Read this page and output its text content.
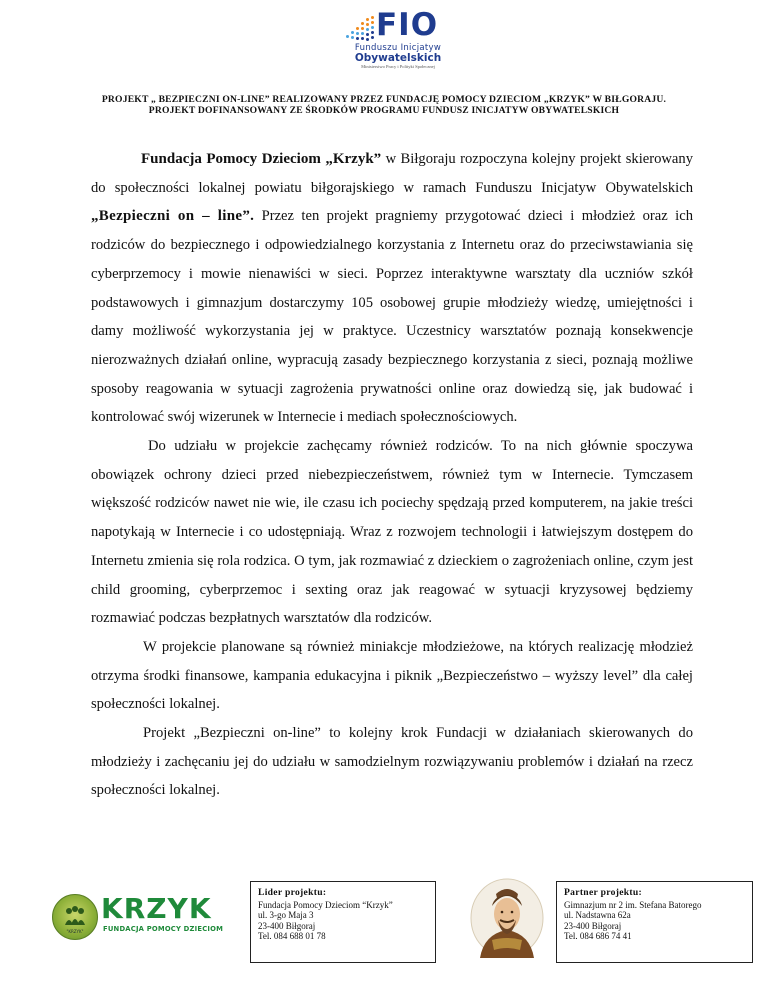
FIO
Funduszu Inicjatyw
Obywatelskich
Ministerstwo Pracy i Polityki Społecznej
PROJEKT „ BEZPIECZNI ON-LINE” REALIZOWANY PRZEZ FUNDACJĘ POMOCY DZIECIOM „KRZYK” W BIŁGORAJU.
PROJEKT DOFINANSOWANY ZE ŚRODKÓW PROGRAMU FUNDUSZ INICJATYW OBYWATELSKICH

Fundacja Pomocy Dzieciom „Krzyk” w Biłgoraju rozpoczyna kolejny projekt skierowany do społeczności lokalnej powiatu biłgorajskiego w ramach Funduszu Inicjatyw Obywatelskich „Bezpieczni on – line”. Przez ten projekt pragniemy przygotować dzieci i młodzież oraz ich rodziców do bezpiecznego i odpowiedzialnego korzystania z Internetu oraz do przeciwstawiania się cyberprzemocy i mowie nienawiści w sieci. Poprzez interaktywne warsztaty dla uczniów szkół podstawowych i gimnazjum dostarczymy 105 osobowej grupie młodzieży wiedzę, umiejętności i damy możliwość wykorzystania jej w praktyce. Uczestnicy warsztatów poznają konsekwencje nierozważnych działań online, wypracują zasady bezpiecznego korzystania z sieci, poznają możliwe sposoby reagowania w sytuacji zagrożenia prywatności online oraz dowiedzą się, jak budować i kontrolować swój wizerunek w Internecie i mediach społecznościowych.

Do udziału w projekcie zachęcamy również rodziców. To na nich głównie spoczywa obowiązek ochrony dzieci przed niebezpieczeństwem, również tym w Internecie. Tymczasem większość rodziców nawet nie wie, ile czasu ich pociechy spędzają przed komputerem, na jakie treści napotykają w Internecie i co udostępniają. Wraz z rozwojem technologii i łatwiejszym dostępem do Internetu zmienia się rola rodzica. O tym, jak rozmawiać z dzieckiem o zagrożeniach online, czym jest child grooming, cyberprzemoc i sexting oraz jak reagować w sytuacji kryzysowej będziemy rozmawiać podczas bezpłatnych warsztatów dla rodziców.

W projekcie planowane są również miniakcje młodzieżowe, na których realizację młodzież otrzyma środki finansowe, kampania edukacyjna i piknik „Bezpieczeństwo – wyższy level” dla całej społeczności lokalnej.

Projekt „Bezpieczni on-line” to kolejny krok Fundacji w działaniach skierowanych do młodzieży i zachęcaniu jej do udziału w samodzielnym rozwiązywaniu problemów i działań na rzecz społeczności lokalnej.

"KRZYK"
KRZYK
FUNDACJA POMOCY DZIECIOM
Lider projektu:
Fundacja Pomocy Dzieciom “Krzyk”
ul. 3-go Maja 3
23-400 Biłgoraj
Tel. 084 688 01 78
Partner projektu:
Gimnazjum nr 2 im. Stefana Batorego
ul. Nadstawna 62a
23-400 Biłgoraj
Tel. 084 686 74 41
